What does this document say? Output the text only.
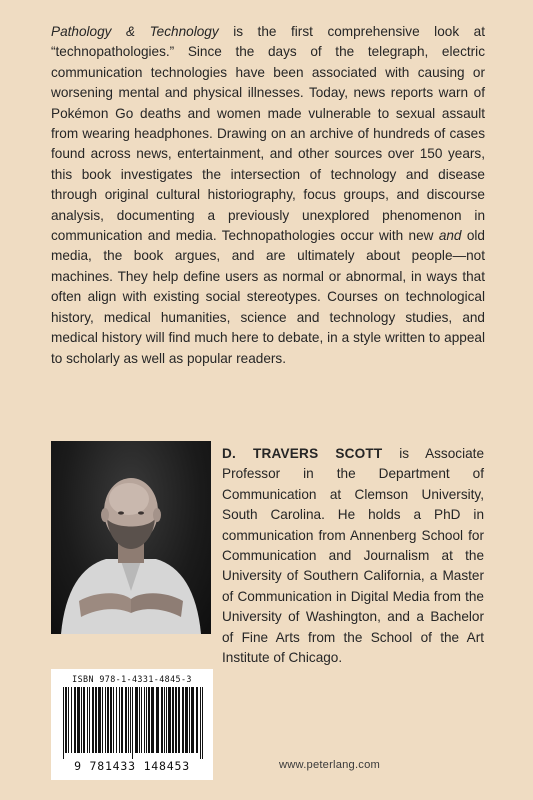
Pathology & Technology is the first comprehensive look at “technopathologies.” Since the days of the telegraph, electric communication technologies have been associated with causing or worsening mental and physical illnesses. Today, news reports warn of Pokémon Go deaths and women made vulnerable to sexual assault from wearing headphones. Drawing on an archive of hundreds of cases found across news, entertainment, and other sources over 150 years, this book investigates the intersection of technology and disease through original cultural historiography, focus groups, and discourse analysis, documenting a previously unexplored phenomenon in communication and media. Technopathologies occur with new and old media, the book argues, and are ultimately about people—not machines. They help define users as normal or abnormal, in ways that often align with existing social stereotypes. Courses on technological history, medical humanities, science and technology studies, and medical history will find much here to debate, in a style written to appeal to scholarly as well as popular readers.

D. TRAVERS SCOTT is Associate Professor in the Department of Communication at Clemson University, South Carolina. He holds a PhD in communication from Annenberg School for Communication and Journalism at the University of Southern California, a Master of Communication in Digital Media from the University of Washington, and a Bachelor of Fine Arts from the School of the Art Institute of Chicago.

ISBN 978-1-4331-4845-3
9 781433 148453	www.peterlang.com
